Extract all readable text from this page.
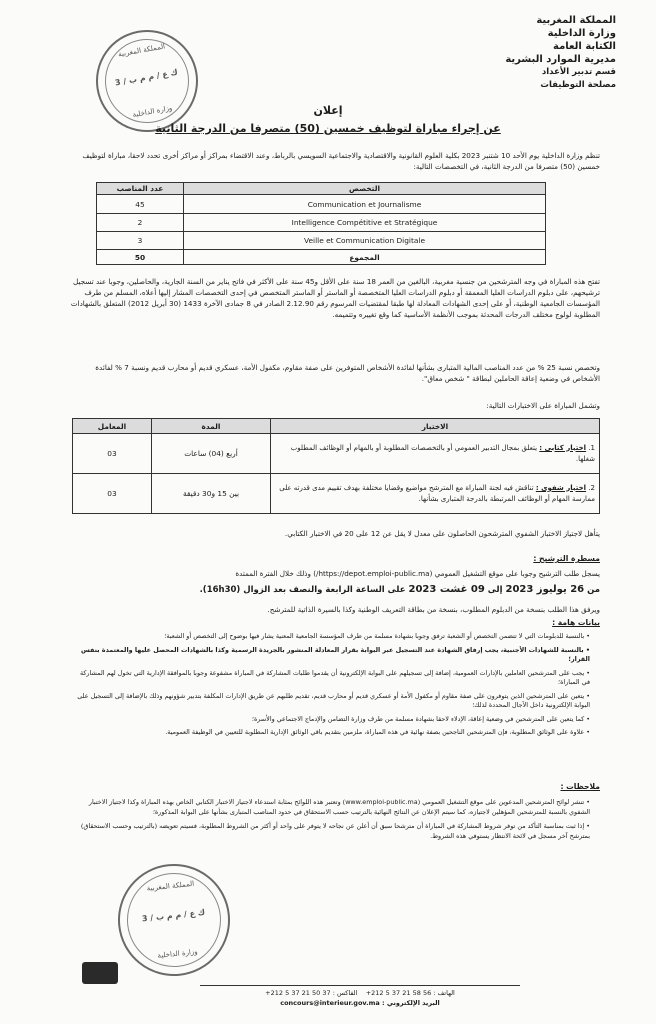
المملكة المغربية
وزارة الداخلية
الكتابة العامة
مديرية الموارد البشرية
قسم تدبير الأعداد
مصلحة التوظيفات
المملكة المغربية
ك ع / م م ب / 3
وزارة الداخلية	إعلان
عن إجراء مباراة لتوظيف خمسين (50) متصرفا من الدرجة الثانية
تنظم وزارة الداخلية يوم الأحد 10 شتنبر 2023 بكلية العلوم القانونية والاقتصادية والاجتماعية السويسي بالرباط، وعند الاقتضاء بمراكز أو مراكز أخرى تحدد لاحقا، مباراة لتوظيف خمسين (50) متصرفا من الدرجة الثانية، في التخصصات التالية:
التخصص	عدد المناصب
Communication et Journalisme	45
Intelligence Compétitive et Stratégique	2
Veille et Communication Digitale	3
المجموع	50
تفتح هذه المباراة في وجه المترشحين من جنسية مغربية، البالغين من العمر 18 سنة على الأقل و45 سنة على الأكثر في فاتح يناير من السنة الجارية، والحاصلين، وجوبا عند تسجيل ترشيحهم، على دبلوم الدراسات العليا المعمقة أو دبلوم الدراسات العليا المتخصصة أو الماستر أو الماستر المتخصص في إحدى التخصصات المشار إليها أعلاه، المسلم من طرف المؤسسات الجامعية الوطنية، أو على إحدى الشهادات المعادلة لها طبقا لمقتضيات المرسوم رقم 2.12.90 الصادر في 8 جمادى الآخرة 1433 (30 أبريل 2012) المتعلق بالشهادات المطلوبة لولوج مختلف الدرجات المحدثة بموجب الأنظمة الأساسية كما وقع تغييره وتتميمه.
وتخصص نسبة 25 % من عدد المناصب المالية المتبارى بشأنها لفائدة الأشخاص المتوفرين على صفة مقاوم، مكفول الأمة، عسكري قديم أو محارب قديم ونسبة 7 % لفائدة الأشخاص في وضعية إعاقة الحاملين لبطاقة " شخص معاق".
وتشمل المباراة على الاختبارات التالية:
الاختبار	المدة	المعامل
1. اختبار كتابي : يتعلق بمجال التدبير العمومي أو بالتخصصات المطلوبة أو بالمهام أو الوظائف المطلوب شغلها.	أربع (04) ساعات	03
2. اختبار شفوي : تناقش فيه لجنة المباراة مع المترشح مواضيع وقضايا مختلفة بهدف تقييم مدى قدرته على ممارسة المهام أو الوظائف المرتبطة بالدرجة المتبارى بشأنها.	بين 15 و30 دقيقة	03
يتأهل لاجتياز الاختبار الشفوي المترشحون الحاصلون على معدل لا يقل عن 12 على 20 في الاختبار الكتابي.
مسطرة الترشيح :
يسجل طلب الترشيح وجوبا على موقع التشغيل العمومي (https://depot.emploi-public.ma/) وذلك خلال الفترة الممتدة
من 26 يوليوز 2023 إلى 09 غشت 2023 على الساعة الرابعة والنصف بعد الزوال (16h30).
ويرفق هذا الطلب بنسخة من الدبلوم المطلوب، بنسخة من بطاقة التعريف الوطنية وكذا بالسيرة الذاتية للمترشح.
بيانات هامة :
• بالنسبة للدبلومات التي لا تتضمن التخصص أو الشعبة ترفق وجوبا بشهادة مسلمة من طرف المؤسسة الجامعية المعنية يشار فيها بوضوح إلى التخصص أو الشعبة؛
• بالنسبة للشهادات الأجنبية، يجب إرفاق الشهادة عند التسجيل عبر البوابة بقرار المعادلة المنشور بالجريدة الرسمية وكذا بالشهادات المحصل عليها والمعتمدة بنفس القرار؛
• يجب على المترشحين العاملين بالإدارات العمومية، إضافة إلى تسجيلهم على البوابة الإلكترونية أن يقدموا طلبات المشاركة في المباراة مشفوعة وجوبا بالموافقة الإدارية التي تخول لهم المشاركة في المباراة؛
• يتعين على المترشحين الذين يتوفرون على صفة مقاوم أو مكفول الأمة أو عسكري قديم أو محارب قديم، تقديم طلبهم عن طريق الإدارات المكلفة بتدبير شؤونهم وذلك بالإضافة إلى التسجيل على البوابة الإلكترونية داخل الآجال المحددة لذلك؛
• كما يتعين على المترشحين في وضعية إعاقة، الإدلاء لاحقا بشهادة مسلمة من طرف وزارة التضامن والإدماج الاجتماعي والأسرة؛
• علاوة على الوثائق المطلوبة، فإن المترشحين الناجحين بصفة نهائية في هذه المباراة، ملزمين بتقديم باقي الوثائق الإدارية المطلوبة للتعيين في الوظيفة العمومية.
ملاحظات :
• تنشر لوائح المترشحين المدعوين على موقع التشغيل العمومي (www.emploi-public.ma) وتعتبر هذه اللوائح بمثابة استدعاء لاجتياز الاختبار الكتابي الخاص بهذه المباراة وكذا لاجتياز الاختبار الشفوي بالنسبة للمترشحين المؤهلين لاجتيازه، كما سيتم الإعلان عن النتائج النهائية بالترتيب حسب الاستحقاق في حدود المناصب المتبارى بشأنها على البوابة المذكورة؛
• إذا ثبت بمناسبة التأكد من توفر شروط المشاركة في المباراة أن مترشحا سبق أن أعلن عن نجاحه لا يتوفر على واحد أو أكثر من الشروط المطلوبة، فسيتم تعويضه (بالترتيب وحسب الاستحقاق) بمترشح آخر مسجل في لائحة الانتظار يستوفي هذه الشروط.
المملكة المغربية
ك ع / م م ب / 3
وزارة الداخلية
الهاتف : 56 58 21 37 5 212+    الفاكس : 37 50 21 37 5 212+
concours@interieur.gov.ma : البريد الإلكتروني
